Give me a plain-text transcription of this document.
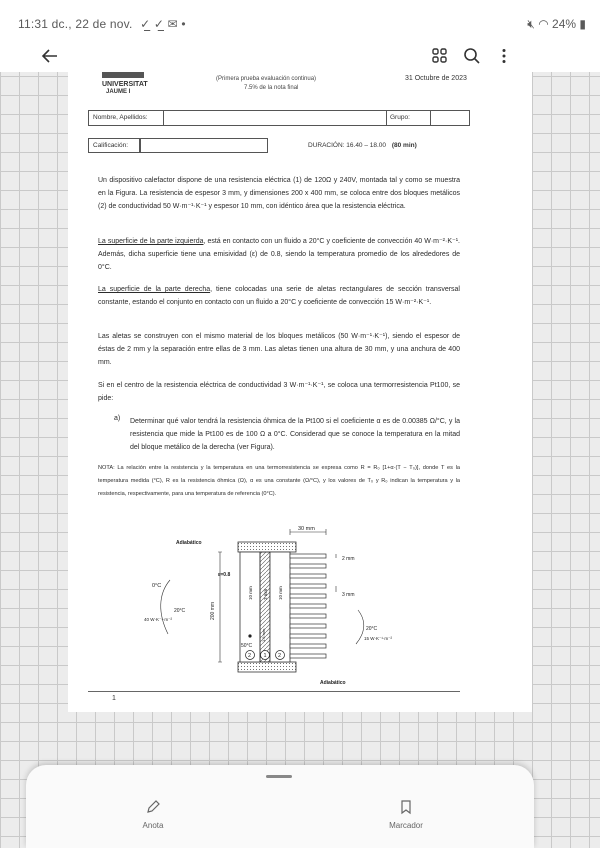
11:31 dc., 22 de nov. ✓̲ ✓̲ ✉ •	🔇︎ ◠ 24% ▮
UNIVERSITAT
JAUME I
(Primera prueba evaluación continua)
7.5% de la nota final
31 Octubre de 2023
Nombre, Apellidos:	Grupo:
Calificación:	DURACIÓN: 16.40 – 18.00 (80 min)

Un dispositivo calefactor dispone de una resistencia eléctrica (1) de 120Ω y 240V, montada tal y como se muestra en la Figura. La resistencia de espesor 3 mm, y dimensiones 200 x 400 mm, se coloca entre dos bloques metálicos (2) de conductividad 50 W·m⁻¹·K⁻¹ y espesor 10 mm, con idéntico área que la resistencia eléctrica.

La superficie de la parte izquierda, está en contacto con un fluido a 20°C y coeficiente de convección 40 W·m⁻²·K⁻¹. Además, dicha superficie tiene una emisividad (ε) de 0.8, siendo la temperatura promedio de los alrededores de 0°C.

La superficie de la parte derecha, tiene colocadas una serie de aletas rectangulares de sección transversal constante, estando el conjunto en contacto con un fluido a 20°C y coeficiente de convección 15 W·m⁻²·K⁻¹.

Las aletas se construyen con el mismo material de los bloques metálicos (50 W·m⁻¹·K⁻¹), siendo el espesor de éstas de 2 mm y la separación entre ellas de 3 mm. Las aletas tienen una altura de 30 mm, y una anchura de 400 mm.

Si en el centro de la resistencia eléctrica de conductividad 3 W·m⁻¹·K⁻¹, se coloca una termorresistencia Pt100, se pide:

a) Determinar qué valor tendrá la resistencia óhmica de la Pt100 si el coeficiente α es de 0.00385 Ω/°C, y la resistencia que mide la Pt100 es de 100 Ω a 0°C. Considerad que se conoce la temperatura en la mitad del bloque metálico de la derecha (ver Figura).

NOTA: La relación entre la resistencia y la temperatura en una termorresistencia se expresa como R = R₀ [1+α·(T − T₀)], donde T es la temperatura medida (°C), R es la resistencia óhmica (Ω), α es una constante (Ω/°C), y los valores de T₀ y R₀ indican la temperatura y la resistencia, respectivamente, para una temperatura de referencia (0°C).

30 mm
Adiabático
Adiabático
2 mm
3 mm
ε=0.8
0°C
20°C
40 W·K⁻¹·m⁻²
20°C
15 W·K⁻¹·m⁻²
200 mm
10 mm 3 mm 10 mm
1.5 mm
50°C
2 1 2
1
Anota	Marcador
